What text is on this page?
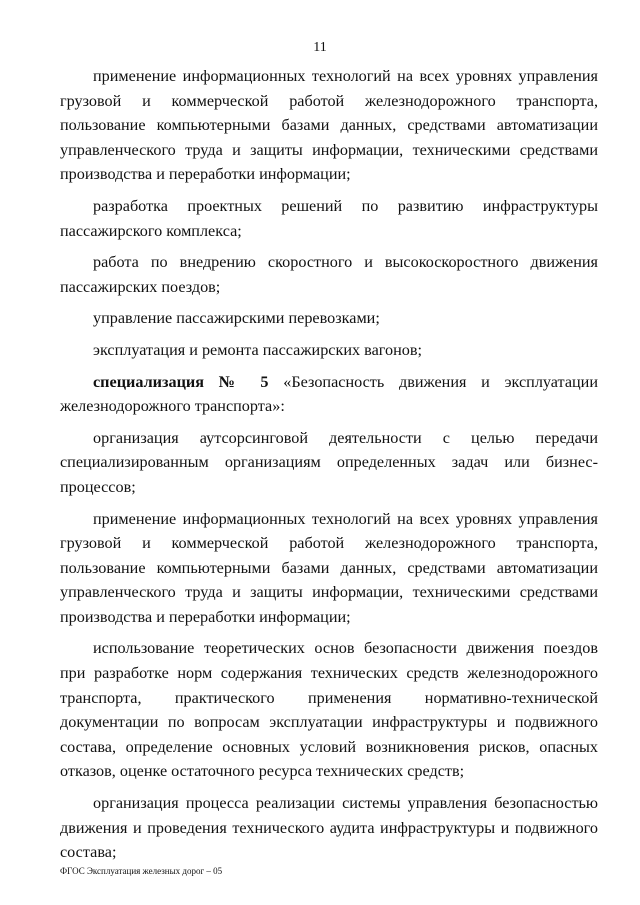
11

применение информационных технологий на всех уровнях управления грузовой и коммерческой работой железнодорожного транспорта, пользование компьютерными базами данных, средствами автоматизации управленческого труда и защиты информации, техническими средствами производства и переработки информации;

разработка проектных решений по развитию инфраструктуры пассажирского комплекса;

работа по внедрению скоростного и высокоскоростного движения пассажирских поездов;

управление пассажирскими перевозками;

эксплуатация и ремонта пассажирских вагонов;

специализация № 5 «Безопасность движения и эксплуатации железнодорожного транспорта»:

организация аутсорсинговой деятельности с целью передачи специализированным организациям определенных задач или бизнес-процессов;

применение информационных технологий на всех уровнях управления грузовой и коммерческой работой железнодорожного транспорта, пользование компьютерными базами данных, средствами автоматизации управленческого труда и защиты информации, техническими средствами производства и переработки информации;

использование теоретических основ безопасности движения поездов при разработке норм содержания технических средств железнодорожного транспорта, практического применения нормативно-технической документации по вопросам эксплуатации инфраструктуры и подвижного состава, определение основных условий возникновения рисков, опасных отказов, оценке остаточного ресурса технических средств;

организация процесса реализации системы управления безопасностью движения и проведения технического аудита инфраструктуры и подвижного состава;

ФГОС Эксплуатация железных дорог – 05
